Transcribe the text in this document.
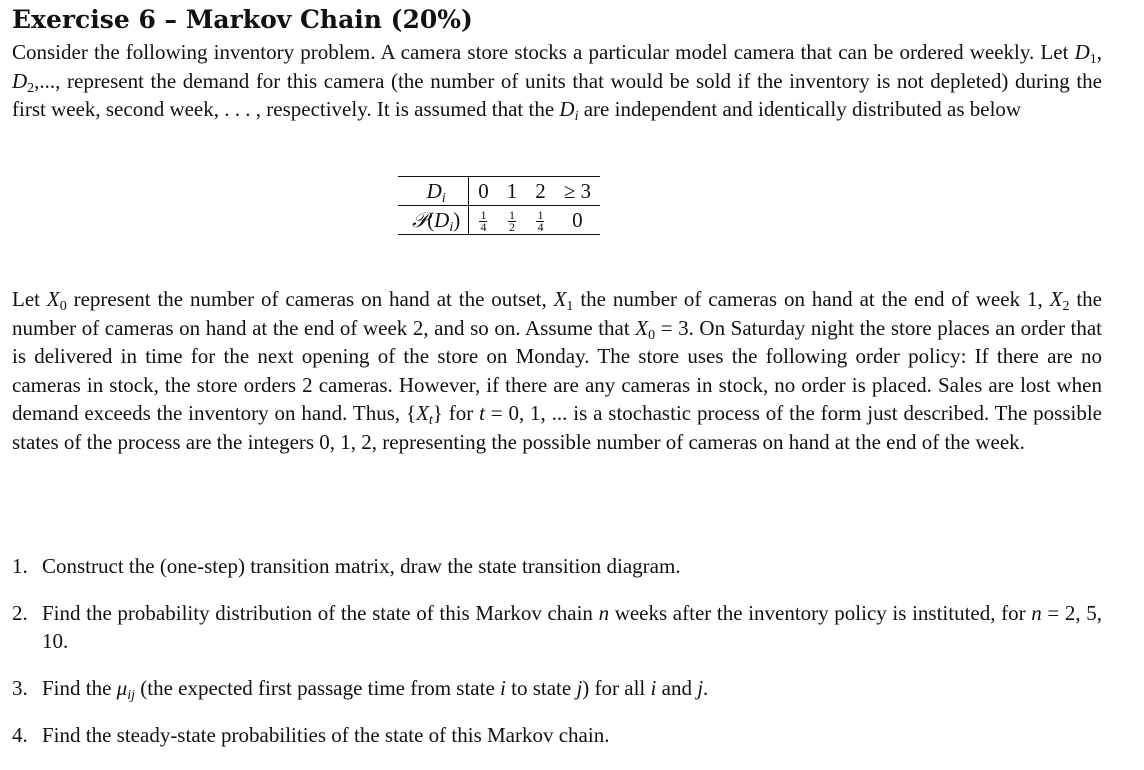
Exercise 6 – Markov Chain (20%)

Consider the following inventory problem. A camera store stocks a particular model camera that can be ordered weekly. Let $D_1$, $D_2$,..., represent the demand for this camera (the number of units that would be sold if the inventory is not depleted) during the first week, second week, . . . , respectively. It is assumed that the $D_i$ are independent and identically distributed as below

$D_i$	0	1	2	≥ 3
$𝒫(D_i)$	$\frac{1}{4}$	$\frac{1}{2}$	$\frac{1}{4}$	0

Let $X_0$ represent the number of cameras on hand at the outset, $X_1$ the number of cameras on hand at the end of week 1, $X_2$ the number of cameras on hand at the end of week 2, and so on. Assume that $X_0 = 3$. On Saturday night the store places an order that is delivered in time for the next opening of the store on Monday. The store uses the following order policy: If there are no cameras in stock, the store orders 2 cameras. However, if there are any cameras in stock, no order is placed. Sales are lost when demand exceeds the inventory on hand. Thus, $\{X_t\}$ for t = 0, 1, ... is a stochastic process of the form just described. The possible states of the process are the integers 0, 1, 2, representing the possible number of cameras on hand at the end of the week.

1. Construct the (one-step) transition matrix, draw the state transition diagram.
2. Find the probability distribution of the state of this Markov chain n weeks after the inventory policy is instituted, for n = 2, 5, 10.
3. Find the $\mu_{ij}$ (the expected first passage time from state i to state j) for all i and j.
4. Find the steady-state probabilities of the state of this Markov chain.
